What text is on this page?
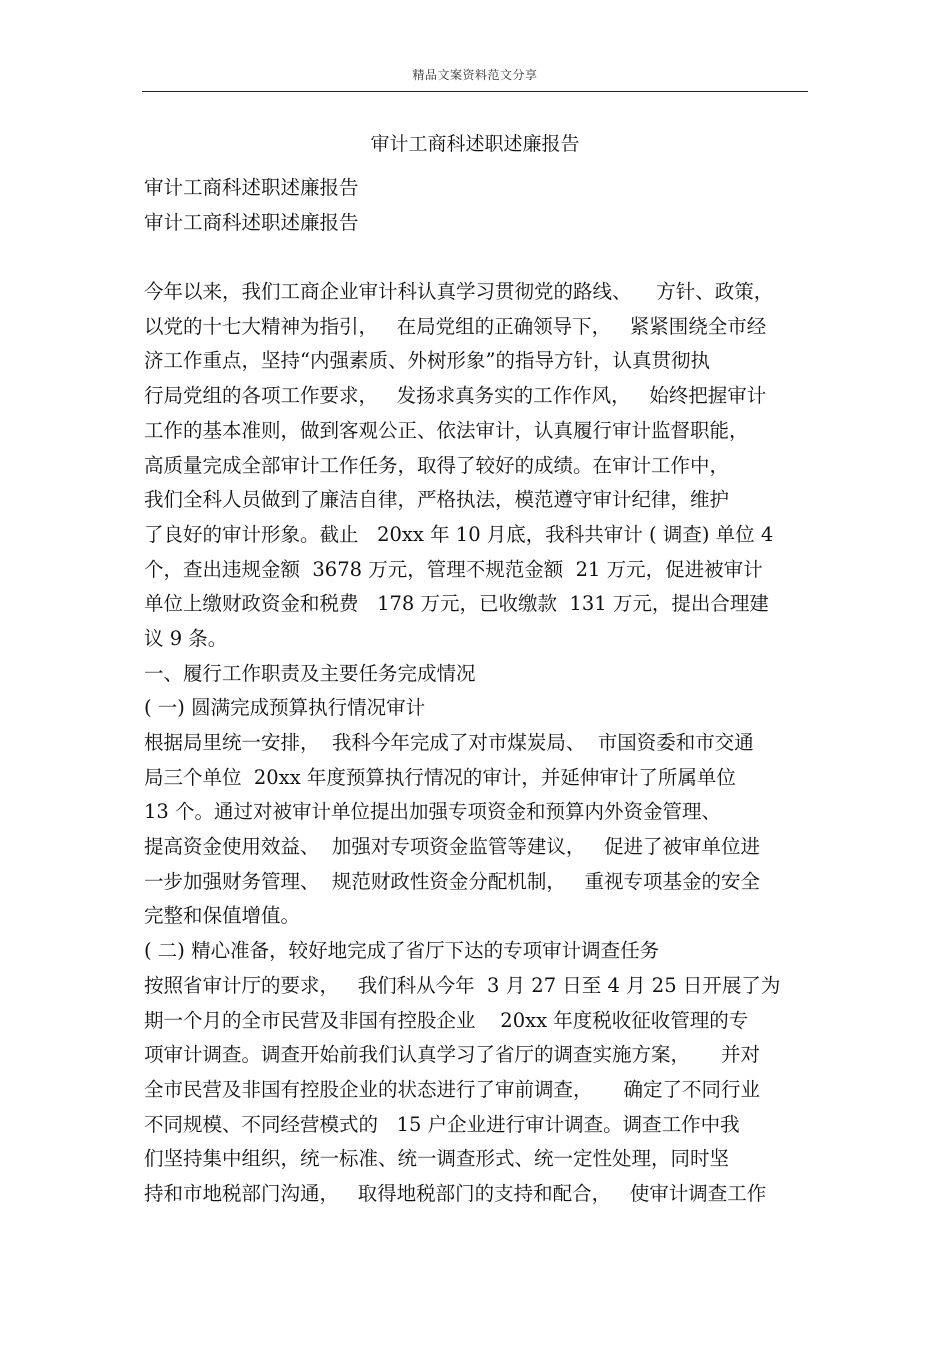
精品文案资料范文分享
审计工商科述职述廉报告
审计工商科述职述廉报告
审计工商科述职述廉报告
今年以来，我们工商企业审计科认真学习贯彻党的路线、    方针、政策，
以党的十七大精神为指引，   在局党组的正确领导下，   紧紧围绕全市经
济工作重点，坚持“内强素质、外树形象”的指导方针，认真贯彻执
行局党组的各项工作要求，   发扬求真务实的工作作风，   始终把握审计
工作的基本准则，做到客观公正、依法审计，认真履行审计监督职能，
高质量完成全部审计工作任务，取得了较好的成绩。在审计工作中，
我们全科人员做到了廉洁自律，严格执法，模范遵守审计纪律，维护
了良好的审计形象。截止   20xx 年 10 月底，我科共审计 ( 调查) 单位 4
个，查出违规金额  3678 万元，管理不规范金额  21 万元，促进被审计
单位上缴财政资金和税费   178 万元，已收缴款  131 万元，提出合理建
议 9 条。
一、履行工作职责及主要任务完成情况
( 一) 圆满完成预算执行情况审计
根据局里统一安排，  我科今年完成了对市煤炭局、  市国资委和市交通
局三个单位  20xx 年度预算执行情况的审计，并延伸审计了所属单位
13 个。通过对被审计单位提出加强专项资金和预算内外资金管理、
提高资金使用效益、  加强对专项资金监管等建议，   促进了被审单位进
一步加强财务管理、  规范财政性资金分配机制，   重视专项基金的安全
完整和保值增值。
( 二) 精心准备，较好地完成了省厅下达的专项审计调查任务
按照省审计厅的要求，   我们科从今年  3 月 27 日至 4 月 25 日开展了为
期一个月的全市民营及非国有控股企业    20xx 年度税收征收管理的专
项审计调查。调查开始前我们认真学习了省厅的调查实施方案，     并对
全市民营及非国有控股企业的状态进行了审前调查，     确定了不同行业
不同规模、不同经营模式的   15 户企业进行审计调查。调查工作中我
们坚持集中组织，统一标准、统一调查形式、统一定性处理，同时坚
持和市地税部门沟通，   取得地税部门的支持和配合，   使审计调查工作
